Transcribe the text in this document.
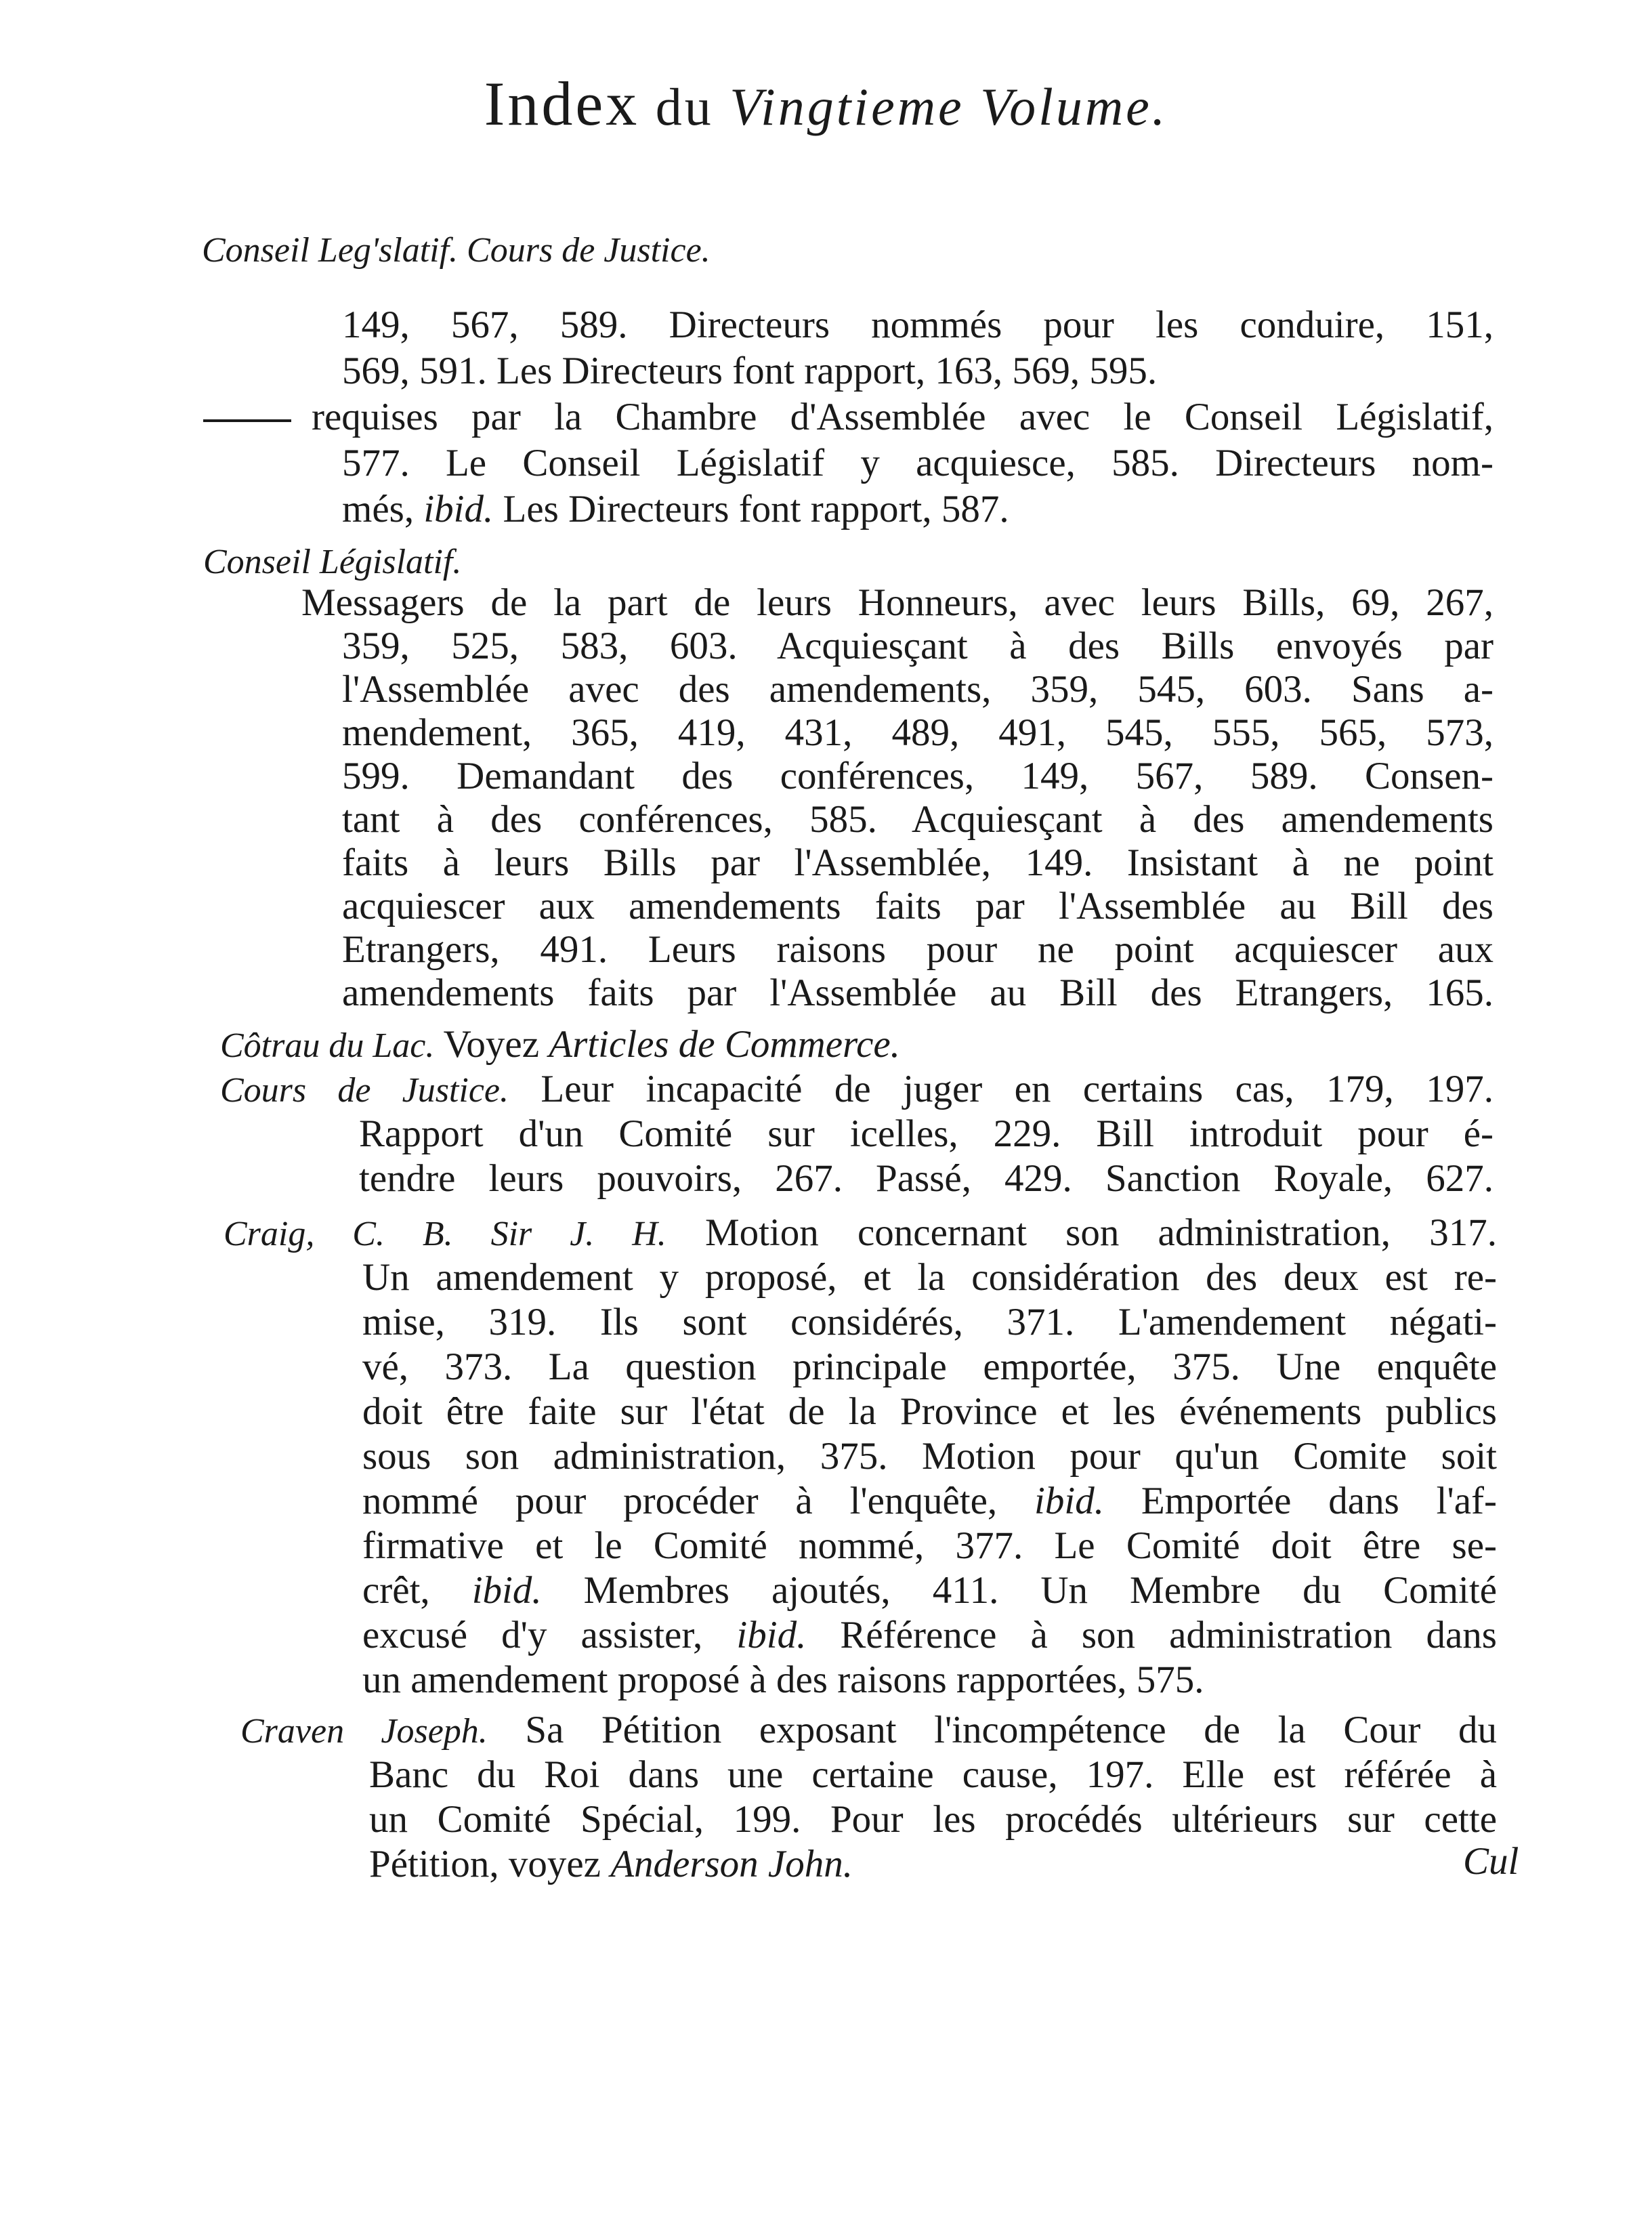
Index du Vingtieme Volume.
Conseil Leg'slatif. Cours de Justice.
149, 567, 589. Directeurs nommés pour les conduire, 151,
569, 591. Les Directeurs font rapport, 163, 569, 595.
requises par la Chambre d'Assemblée avec le Conseil Législatif,
577. Le Conseil Législatif y acquiesce, 585. Directeurs nom-
més, ibid. Les Directeurs font rapport, 587.
Conseil Législatif.
Messagers de la part de leurs Honneurs, avec leurs Bills, 69, 267,
359, 525, 583, 603. Acquiesçant à des Bills envoyés par
l'Assemblée avec des amendements, 359, 545, 603. Sans a-
mendement, 365, 419, 431, 489, 491, 545, 555, 565, 573,
599. Demandant des conférences, 149, 567, 589. Consen-
tant à des conférences, 585. Acquiesçant à des amendements
faits à leurs Bills par l'Assemblée, 149. Insistant à ne point
acquiescer aux amendements faits par l'Assemblée au Bill des
Etrangers, 491. Leurs raisons pour ne point acquiescer aux
amendements faits par l'Assemblée au Bill des Etrangers, 165.
Côtrau du Lac. Voyez Articles de Commerce.
Cours de Justice. Leur incapacité de juger en certains cas, 179, 197.
Rapport d'un Comité sur icelles, 229. Bill introduit pour é-
tendre leurs pouvoirs, 267. Passé, 429. Sanction Royale, 627.
Craig, C. B. Sir J. H. Motion concernant son administration, 317.
Un amendement y proposé, et la considération des deux est re-
mise, 319. Ils sont considérés, 371. L'amendement négati-
vé, 373. La question principale emportée, 375. Une enquête
doit être faite sur l'état de la Province et les événements publics
sous son administration, 375. Motion pour qu'un Comite soit
nommé pour procéder à l'enquête, ibid. Emportée dans l'af-
firmative et le Comité nommé, 377. Le Comité doit être se-
crêt, ibid. Membres ajoutés, 411. Un Membre du Comité
excusé d'y assister, ibid. Référence à son administration dans
un amendement proposé à des raisons rapportées, 575.
Craven Joseph. Sa Pétition exposant l'incompétence de la Cour du
Banc du Roi dans une certaine cause, 197. Elle est référée à
un Comité Spécial, 199. Pour les procédés ultérieurs sur cette
Pétition, voyez Anderson John.	Cul
